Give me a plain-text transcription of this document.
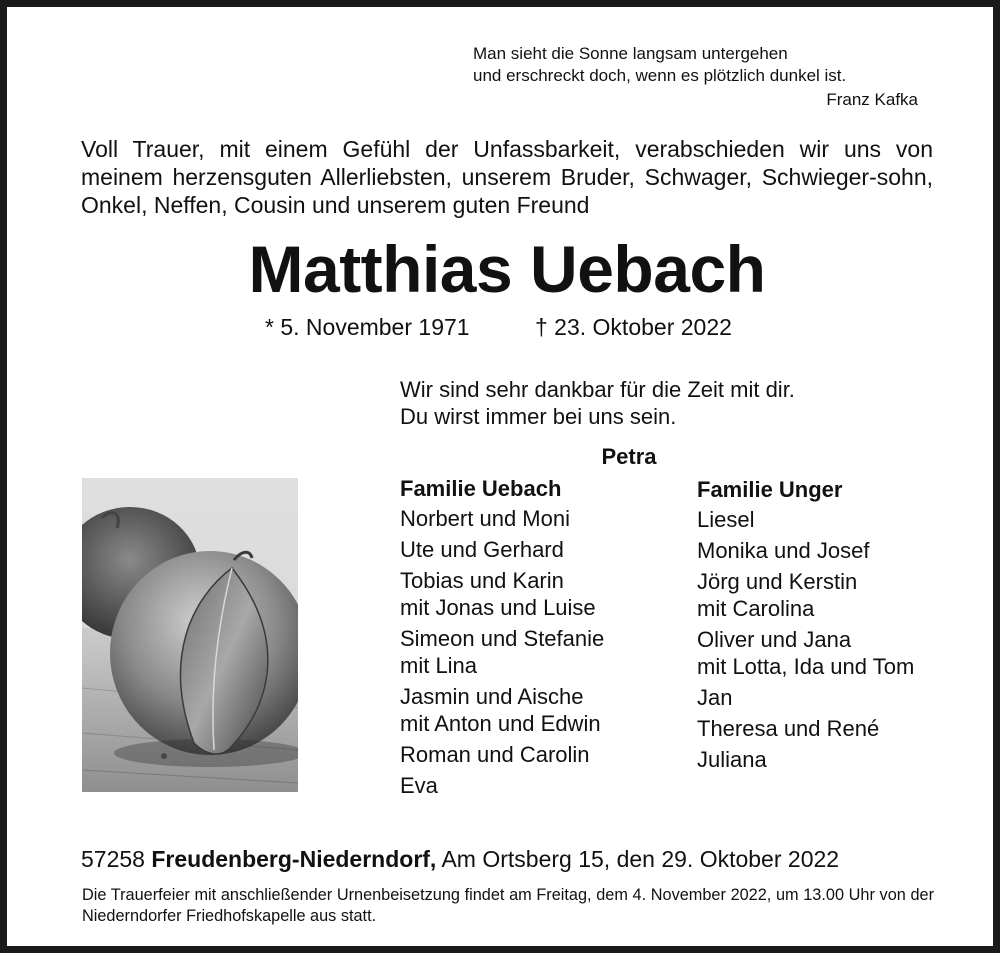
Man sieht die Sonne langsam untergehen
und erschreckt doch, wenn es plötzlich dunkel ist.
Franz Kafka
Voll Trauer, mit einem Gefühl der Unfassbarkeit, verabschieden wir uns von meinem herzensguten Allerliebsten, unserem Bruder, Schwager, Schwieger-sohn, Onkel, Neffen, Cousin und unserem guten Freund
Matthias Uebach
* 5. November 1971	† 23. Oktober 2022
Wir sind sehr dankbar für die Zeit mit dir.
Du wirst immer bei uns sein.
Petra
Familie Uebach
Norbert und Moni
Ute und Gerhard
Tobias und Karin
mit Jonas und Luise
Simeon und Stefanie
mit Lina
Jasmin und Aische
mit Anton und Edwin
Roman und Carolin
Eva
Familie Unger
Liesel
Monika und Josef
Jörg und Kerstin
mit Carolina
Oliver und Jana
mit Lotta, Ida und Tom
Jan
Theresa und René
Juliana
57258 Freudenberg-Niederndorf, Am Ortsberg 15, den 29. Oktober 2022
Die Trauerfeier mit anschließender Urnenbeisetzung findet am Freitag, dem 4. November 2022, um 13.00 Uhr von der Niederndorfer Friedhofskapelle aus statt.
